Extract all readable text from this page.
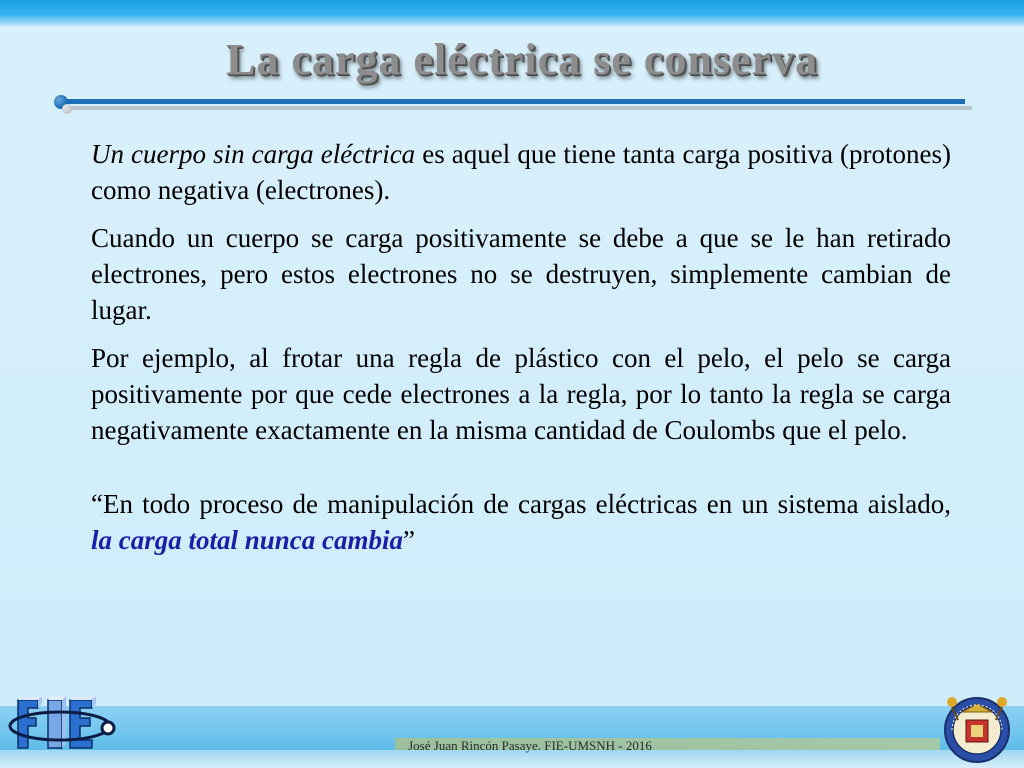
La carga eléctrica se conserva

Un cuerpo sin carga eléctrica es aquel que tiene tanta carga positiva (protones) como negativa (electrones).

Cuando un cuerpo se carga positivamente se debe a que se le han retirado electrones, pero estos electrones no se destruyen, simplemente cambian de lugar.

Por ejemplo, al frotar una regla de plástico con el pelo, el pelo se carga positivamente por que cede electrones a la regla, por lo tanto la regla se carga negativamente exactamente en la misma cantidad de Coulombs que el pelo.

“En todo proceso de manipulación de cargas eléctricas en un sistema aislado, la carga total nunca cambia”

José Juan Rincón Pasaye. FIE-UMSNH - 2016
